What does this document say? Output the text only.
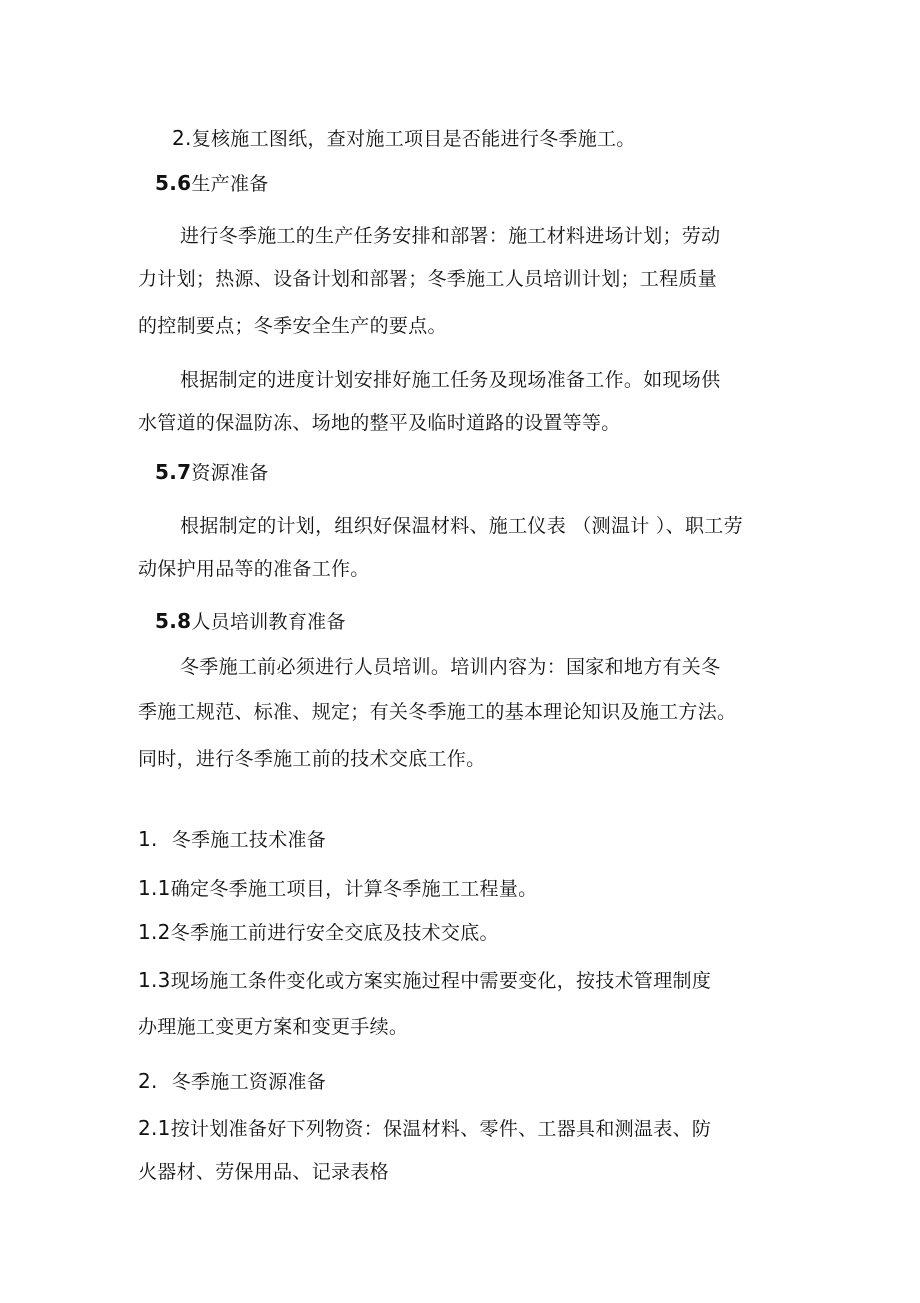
2.复核施工图纸，查对施工项目是否能进行冬季施工。
5.6生产准备
进行冬季施工的生产任务安排和部署：施工材料进场计划；劳动
力计划；热源、设备计划和部署；冬季施工人员培训计划；工程质量
的控制要点；冬季安全生产的要点。
根据制定的进度计划安排好施工任务及现场准备工作。如现场供
水管道的保温防冻、场地的整平及临时道路的设置等等。
5.7资源准备
根据制定的计划，组织好保温材料、施工仪表 （测温计 ）、职工劳
动保护用品等的准备工作。
5.8人员培训教育准备
冬季施工前必须进行人员培训。培训内容为：国家和地方有关冬
季施工规范、标准、规定；有关冬季施工的基本理论知识及施工方法。
同时，进行冬季施工前的技术交底工作。
1. 冬季施工技术准备
1.1确定冬季施工项目，计算冬季施工工程量。
1.2冬季施工前进行安全交底及技术交底。
1.3现场施工条件变化或方案实施过程中需要变化，按技术管理制度
办理施工变更方案和变更手续。
2. 冬季施工资源准备
2.1按计划准备好下列物资：保温材料、零件、工器具和测温表、防
火器材、劳保用品、记录表格
